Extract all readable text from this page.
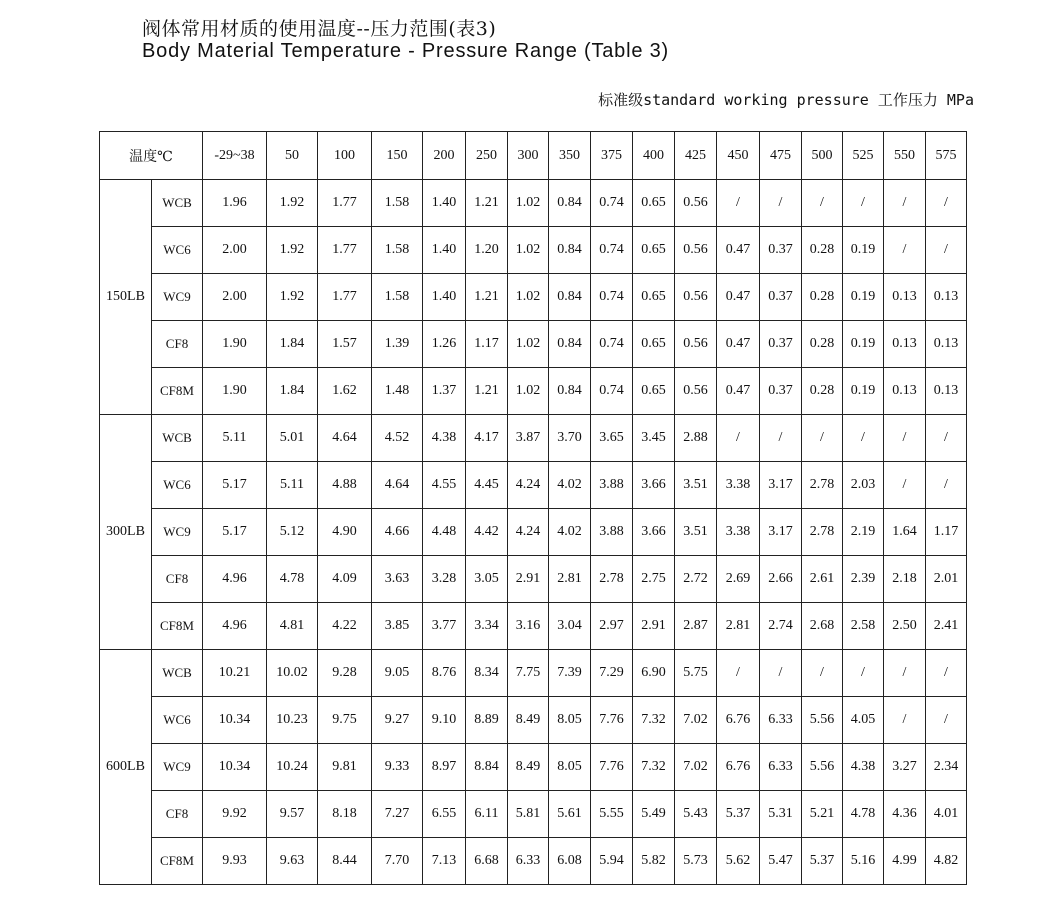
阀体常用材质的使用温度--压力范围(表3)
Body Material Temperature - Pressure Range (Table 3)
标准级standard working pressure 工作压力 MPa
温度℃		-29~38	50	100	150	200	250	300	350	375	400	425	450	475	500	525	550	575
150LB	WCB	1.96	1.92	1.77	1.58	1.40	1.21	1.02	0.84	0.74	0.65	0.56	/	/	/	/	/	/
	WC6	2.00	1.92	1.77	1.58	1.40	1.20	1.02	0.84	0.74	0.65	0.56	0.47	0.37	0.28	0.19	/	/
	WC9	2.00	1.92	1.77	1.58	1.40	1.21	1.02	0.84	0.74	0.65	0.56	0.47	0.37	0.28	0.19	0.13	0.13
	CF8	1.90	1.84	1.57	1.39	1.26	1.17	1.02	0.84	0.74	0.65	0.56	0.47	0.37	0.28	0.19	0.13	0.13
	CF8M	1.90	1.84	1.62	1.48	1.37	1.21	1.02	0.84	0.74	0.65	0.56	0.47	0.37	0.28	0.19	0.13	0.13
300LB	WCB	5.11	5.01	4.64	4.52	4.38	4.17	3.87	3.70	3.65	3.45	2.88	/	/	/	/	/	/
	WC6	5.17	5.11	4.88	4.64	4.55	4.45	4.24	4.02	3.88	3.66	3.51	3.38	3.17	2.78	2.03	/	/
	WC9	5.17	5.12	4.90	4.66	4.48	4.42	4.24	4.02	3.88	3.66	3.51	3.38	3.17	2.78	2.19	1.64	1.17
	CF8	4.96	4.78	4.09	3.63	3.28	3.05	2.91	2.81	2.78	2.75	2.72	2.69	2.66	2.61	2.39	2.18	2.01
	CF8M	4.96	4.81	4.22	3.85	3.77	3.34	3.16	3.04	2.97	2.91	2.87	2.81	2.74	2.68	2.58	2.50	2.41
600LB	WCB	10.21	10.02	9.28	9.05	8.76	8.34	7.75	7.39	7.29	6.90	5.75	/	/	/	/	/	/
	WC6	10.34	10.23	9.75	9.27	9.10	8.89	8.49	8.05	7.76	7.32	7.02	6.76	6.33	5.56	4.05	/	/
	WC9	10.34	10.24	9.81	9.33	8.97	8.84	8.49	8.05	7.76	7.32	7.02	6.76	6.33	5.56	4.38	3.27	2.34
	CF8	9.92	9.57	8.18	7.27	6.55	6.11	5.81	5.61	5.55	5.49	5.43	5.37	5.31	5.21	4.78	4.36	4.01
	CF8M	9.93	9.63	8.44	7.70	7.13	6.68	6.33	6.08	5.94	5.82	5.73	5.62	5.47	5.37	5.16	4.99	4.82
